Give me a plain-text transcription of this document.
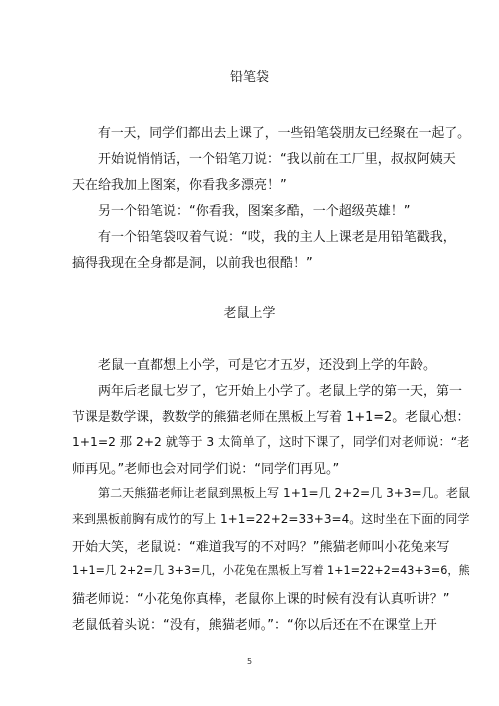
铅笔袋
有一天，同学们都出去上课了，一些铅笔袋朋友已经聚在一起了。
开始说悄悄话，一个铅笔刀说：“我以前在工厂里，叔叔阿姨天
天在给我加上图案，你看我多漂亮！”
另一个铅笔说：“你看我，图案多酷，一个超级英雄！”
有一个铅笔袋叹着气说：“哎，我的主人上课老是用铅笔戳我，
搞得我现在全身都是洞，以前我也很酷！”
老鼠上学
老鼠一直都想上小学，可是它才五岁，还没到上学的年龄。
两年后老鼠七岁了，它开始上小学了。老鼠上学的第一天，第一
节课是数学课，教数学的熊猫老师在黑板上写着 1+1=2。老鼠心想：
1+1=2 那 2+2 就等于 3 太简单了，这时下课了，同学们对老师说：“老
师再见。”老师也会对同学们说：“同学们再见。”
第二天熊猫老师让老鼠到黑板上写 1+1=几 2+2=几 3+3=几。老鼠
来到黑板前胸有成竹的写上 1+1=22+2=33+3=4。这时坐在下面的同学
开始大笑，老鼠说：“难道我写的不对吗？”熊猫老师叫小花兔来写
1+1=几 2+2=几 3+3=几，小花兔在黑板上写着 1+1=22+2=43+3=6，熊
猫老师说：“小花兔你真棒，老鼠你上课的时候有没有认真听讲？”
老鼠低着头说：“没有，熊猫老师。”：“你以后还在不在课堂上开
5
